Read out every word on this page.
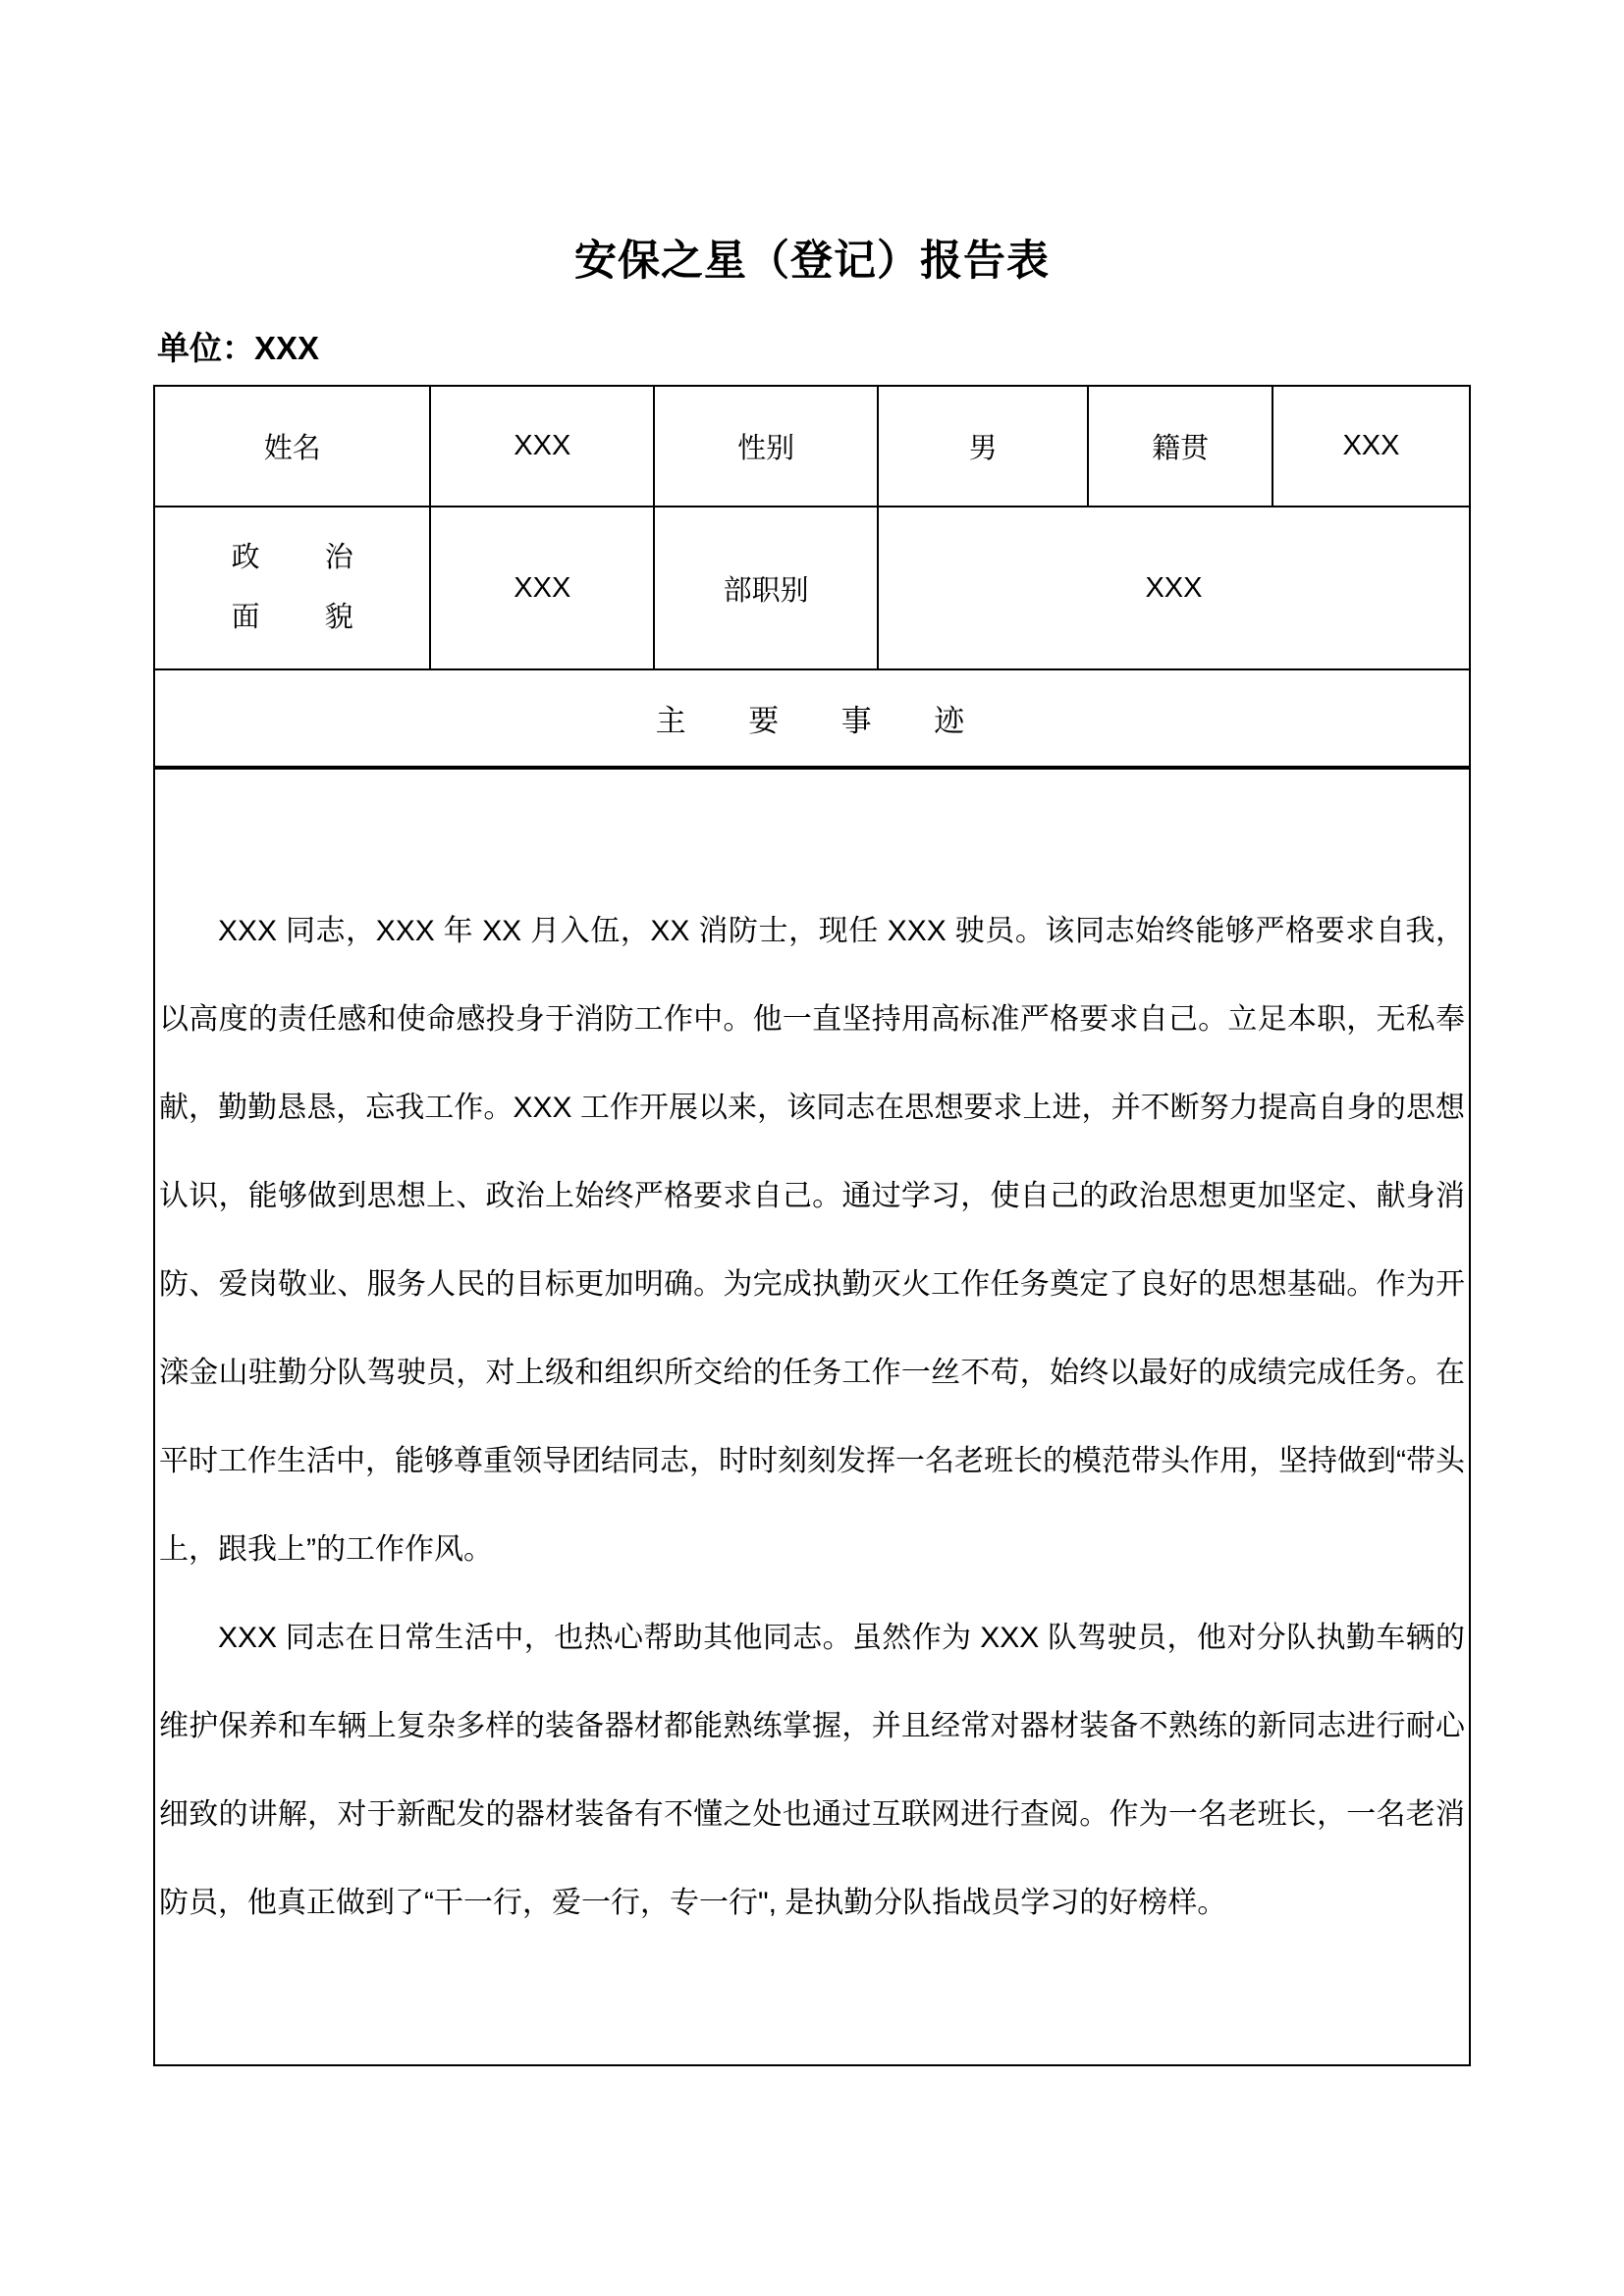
安保之星（登记）报告表
单位：XXX
姓名	XXX	性别	男	籍贯	XXX

政 治
面 貌	XXX	部职别	XXX		
主 要 事 迹					

XXX 同志，XXX 年 XX 月入伍，XX 消防士，现任 XXX 驶员。该同志始终能够严格要求自我，以高度的责任感和使命感投身于消防工作中。他一直坚持用高标准严格要求自己。立足本职，无私奉献，勤勤恳恳，忘我工作。XXX 工作开展以来，该同志在思想要求上进，并不断努力提高自身的思想认识，能够做到思想上、政治上始终严格要求自己。通过学习，使自己的政治思想更加坚定、献身消防、爱岗敬业、服务人民的目标更加明确。为完成执勤灭火工作任务奠定了良好的思想基础。作为开滦金山驻勤分队驾驶员，对上级和组织所交给的任务工作一丝不苟，始终以最好的成绩完成任务。在平时工作生活中，能够尊重领导团结同志，时时刻刻发挥一名老班长的模范带头作用，坚持做到“带头上，跟我上”的工作作风。

XXX 同志在日常生活中，也热心帮助其他同志。虽然作为 XXX 队驾驶员，他对分队执勤车辆的维护保养和车辆上复杂多样的装备器材都能熟练掌握，并且经常对器材装备不熟练的新同志进行耐心细致的讲解，对于新配发的器材装备有不懂之处也通过互联网进行查阅。作为一名老班长，一名老消防员，他真正做到了“干一行，爱一行，专一行", 是执勤分队指战员学习的好榜样。					
